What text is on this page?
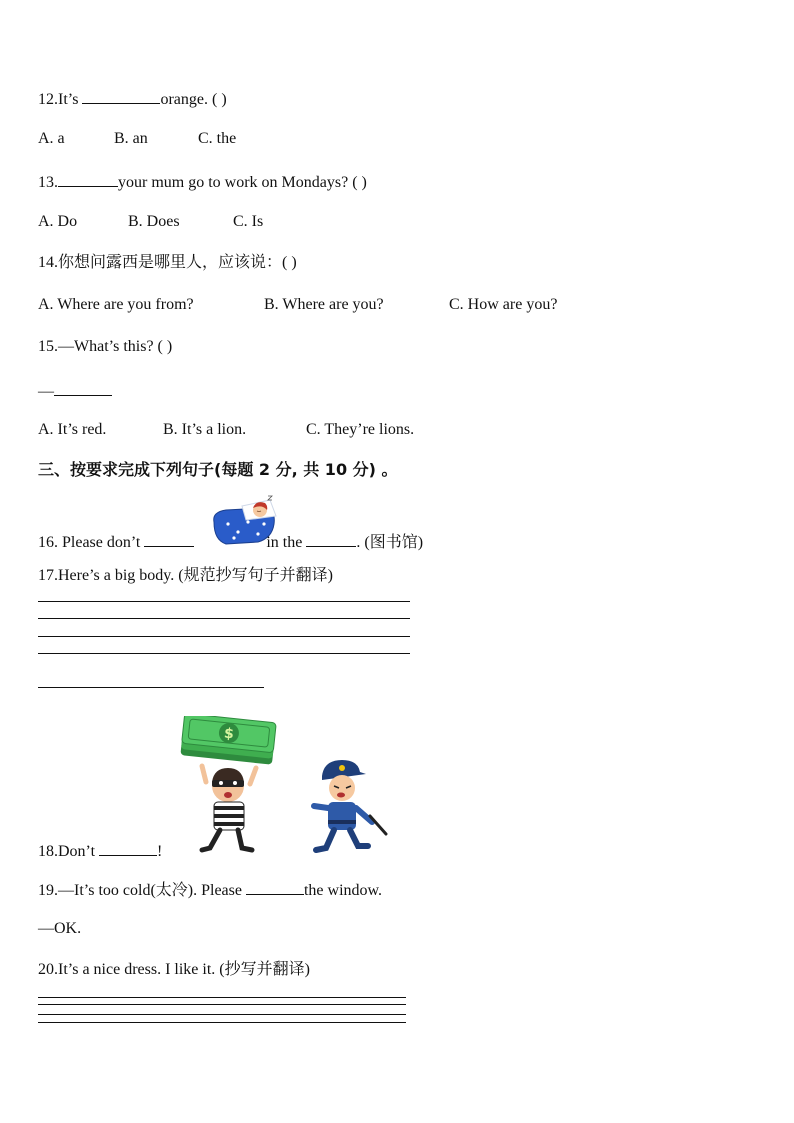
12.It’s	orange. ( )
A. a	B. an	C. the
13.	your mum go to work on Mondays? ( )
A. Do	B. Does	C. Is
14.你想问露西是哪里人，应该说：( )
A. Where are you from?	B. Where are you?	C. How are you?
15.—What’s this? ( )
—
A. It’s red.	B. It’s a lion.	C. They’re lions.
三、按要求完成下列句子(每题 2 分, 共 10 分) 。
16. Please don’t	in the	. (图书馆)
17.Here’s a big body. (规范抄写句子并翻译)
$
18.Don’t	!
19.—It’s too cold(太冷). Please	the window.
—OK.
20.It’s a nice dress. I like it. (抄写并翻译)
